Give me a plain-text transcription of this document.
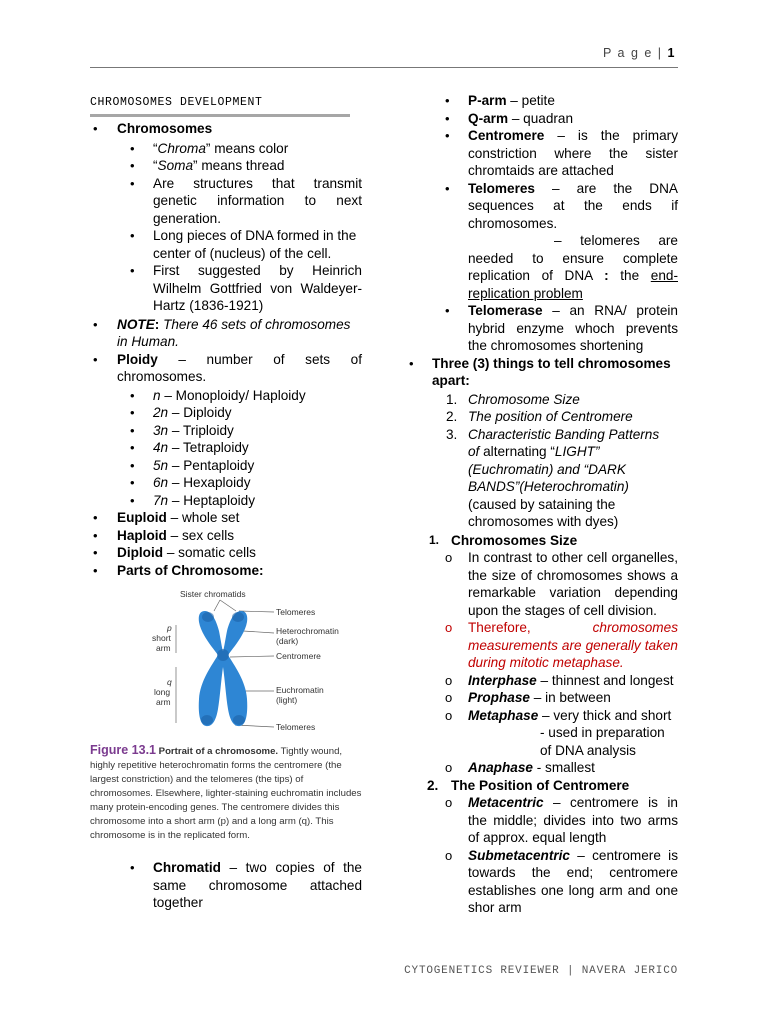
P a g e | 1
CHROMOSOMES DEVELOPMENT
• Chromosomes
• “Chroma” means color
• “Soma” means thread
• Are structures that transmit genetic information to next generation.
• Long pieces of DNA formed in the center of (nucleus) of the cell.
• First suggested by Heinrich Wilhelm Gottfried von Waldeyer-Hartz (1836-1921)
• NOTE: There 46 sets of chromosomes in Human.
• Ploidy – number of sets of chromosomes.
• n – Monoploidy/ Haploidy
• 2n – Diploidy
• 3n – Triploidy
• 4n – Tetraploidy
• 5n – Pentaploidy
• 6n – Hexaploidy
• 7n – Heptaploidy
• Euploid – whole set
• Haploid – sex cells
• Diploid – somatic cells
• Parts of Chromosome:
Sister chromatids
p
short
arm
q
long
arm
Telomeres
Heterochromatin
(dark)
Centromere
Euchromatin
(light)
Telomeres
Figure 13.1 Portrait of a chromosome. Tightly wound, highly repetitive heterochromatin forms the centromere (the largest constriction) and the telomeres (the tips) of chromosomes. Elsewhere, lighter-staining euchromatin includes many protein-encoding genes. The centromere divides this chromosome into a short arm (p) and a long arm (q). This chromosome is in the replicated form.
• Chromatid – two copies of the same chromosome attached together
• P-arm – petite
• Q-arm – quadran
• Centromere – is the primary constriction where the sister chromtaids are attached
• Telomeres – are the DNA sequences at the ends if chromosomes.
– telomeres are needed to ensure complete replication of DNA : the end-replication problem
• Telomerase – an RNA/ protein hybrid enzyme whoch prevents the chromosomes shortening
• Three (3) things to tell chromosomes apart:
1. Chromosome Size
2. The position of Centromere
3. Characteristic Banding Patterns
of alternating “LIGHT” (Euchromatin) and “DARK BANDS”(Heterochromatin)
(caused by sataining the chromosomes with dyes)
1. Chromosomes Size
o In contrast to other cell organelles, the size of chromosomes shows a remarkable variation depending upon the stages of cell division.
o Therefore, chromosomes measurements are generally taken during mitotic metaphase.
o Interphase – thinnest and longest
o Prophase – in between
o Metaphase – very thick and short
- used in preparation of DNA analysis
o Anaphase - smallest
2. The Position of Centromere
o Metacentric – centromere is in the middle; divides into two arms of approx. equal length
o Submetacentric – centromere is towards the end; centromere establishes one long arm and one shor arm
CYTOGENETICS REVIEWER | NAVERA JERICO
